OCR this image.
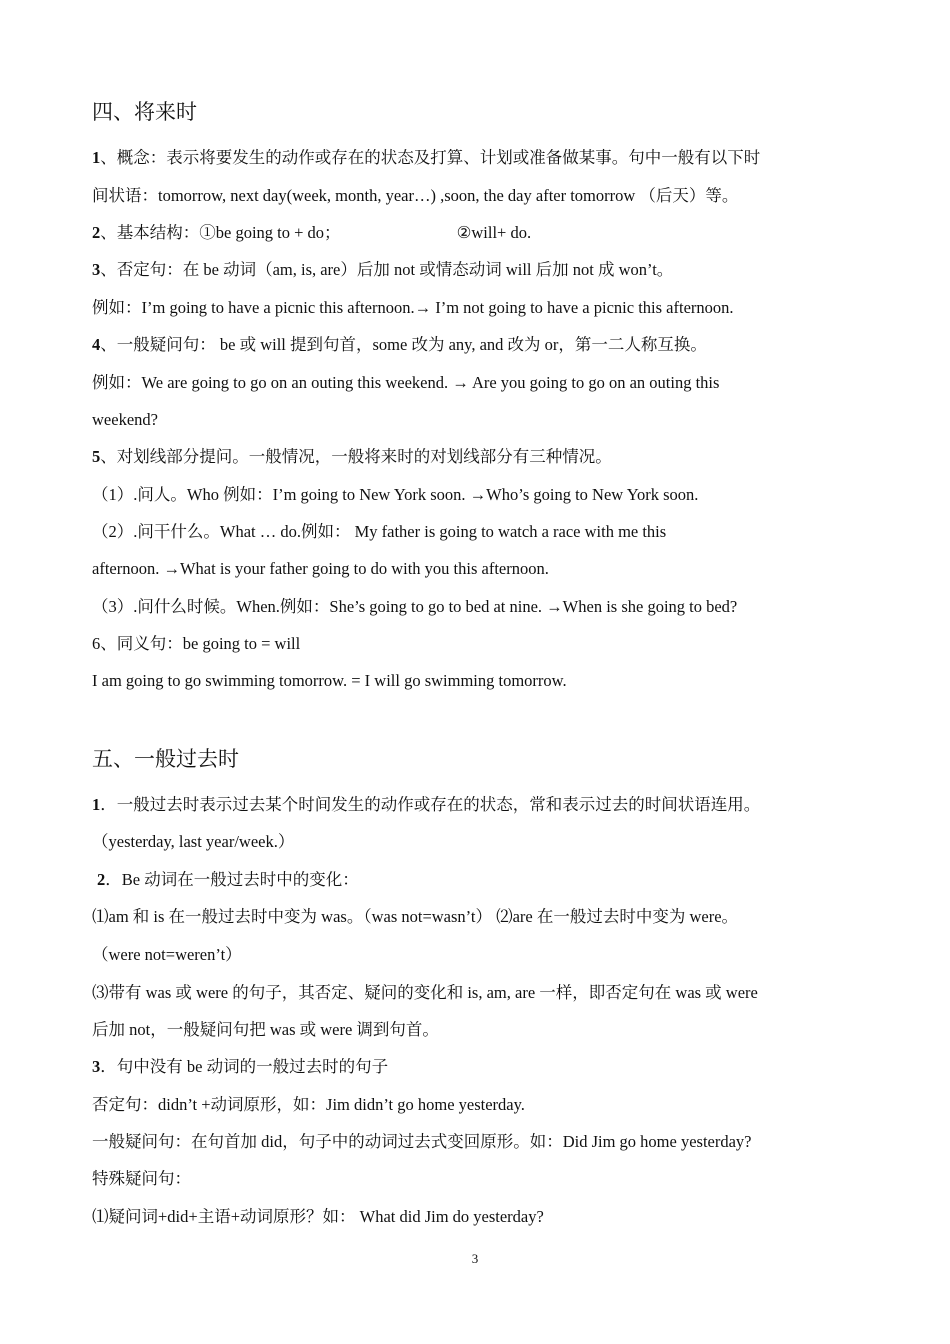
四、将来时
1、概念：表示将要发生的动作或存在的状态及打算、计划或准备做某事。句中一般有以下时
间状语：tomorrow, next day(week, month, year…) ,soon, the day after tomorrow （后天）等。
2、基本结构：①be going to + do；	②will+ do.
3、否定句：在 be 动词（am, is, are）后加 not 或情态动词 will 后加 not 成 won’t。
例如：I’m going to have a picnic this afternoon.→ I’m not going to have a picnic this afternoon.
4、一般疑问句： be 或 will 提到句首，some 改为 any, and 改为 or，第一二人称互换。
例如：We are going to go on an outing this weekend. → Are you going to go on an outing this
weekend?
5、对划线部分提问。一般情况，一般将来时的对划线部分有三种情况。
（1）.问人。Who 例如：I’m going to New York soon. →Who’s going to New York soon.
（2）.问干什么。What … do.例如： My father is going to watch a race with me this
afternoon. →What is your father going to do with you this afternoon.
（3）.问什么时候。When.例如：She’s going to go to bed at nine. →When is she going to bed?
6、同义句：be going to = will
I am going to go swimming tomorrow. = I will go swimming tomorrow.
五、一般过去时
1．一般过去时表示过去某个时间发生的动作或存在的状态，常和表示过去的时间状语连用。
（yesterday, last year/week.）
2．Be 动词在一般过去时中的变化：
⑴am 和 is 在一般过去时中变为 was。（was not=wasn’t） ⑵are 在一般过去时中变为 were。
（were not=weren’t）
⑶带有 was 或 were 的句子，其否定、疑问的变化和 is, am, are 一样，即否定句在 was 或 were
后加 not，一般疑问句把 was 或 were 调到句首。
3．句中没有 be 动词的一般过去时的句子
否定句：didn’t +动词原形，如：Jim didn’t go home yesterday.
一般疑问句：在句首加 did，句子中的动词过去式变回原形。如：Did Jim go home yesterday?
特殊疑问句：
⑴疑问词+did+主语+动词原形？如： What did Jim do yesterday?
3
